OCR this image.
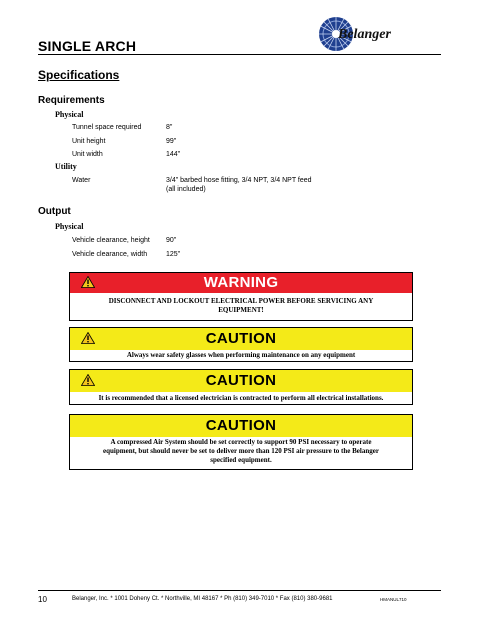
SINGLE ARCH
Belanger
Specifications
Requirements
Physical
Tunnel space required	8"
Unit height	99"
Unit width	144"
Utility
Water	3/4" barbed hose fitting, 3/4 NPT, 3/4 NPT feed
(all included)
Output
Physical
Vehicle clearance, height 90"
Vehicle clearance, width	125"
WARNING
DISCONNECT AND LOCKOUT ELECTRICAL POWER BEFORE SERVICING ANY
EQUIPMENT!
CAUTION
Always wear safety glasses when performing maintenance on any equipment
CAUTION
It is recommended that a licensed electrician is contracted to perform all electrical installations.
CAUTION
A compressed Air System should be set correctly to support 90 PSI necessary to operate
equipment, but should never be set to deliver more than 120 PSI air pressure to the Belanger
specified equipment.
10	Belanger, Inc. * 1001 Doheny Ct. * Northville, MI 48167 * Ph (810) 349-7010 * Fax (810) 380-9681	HMANUL710
